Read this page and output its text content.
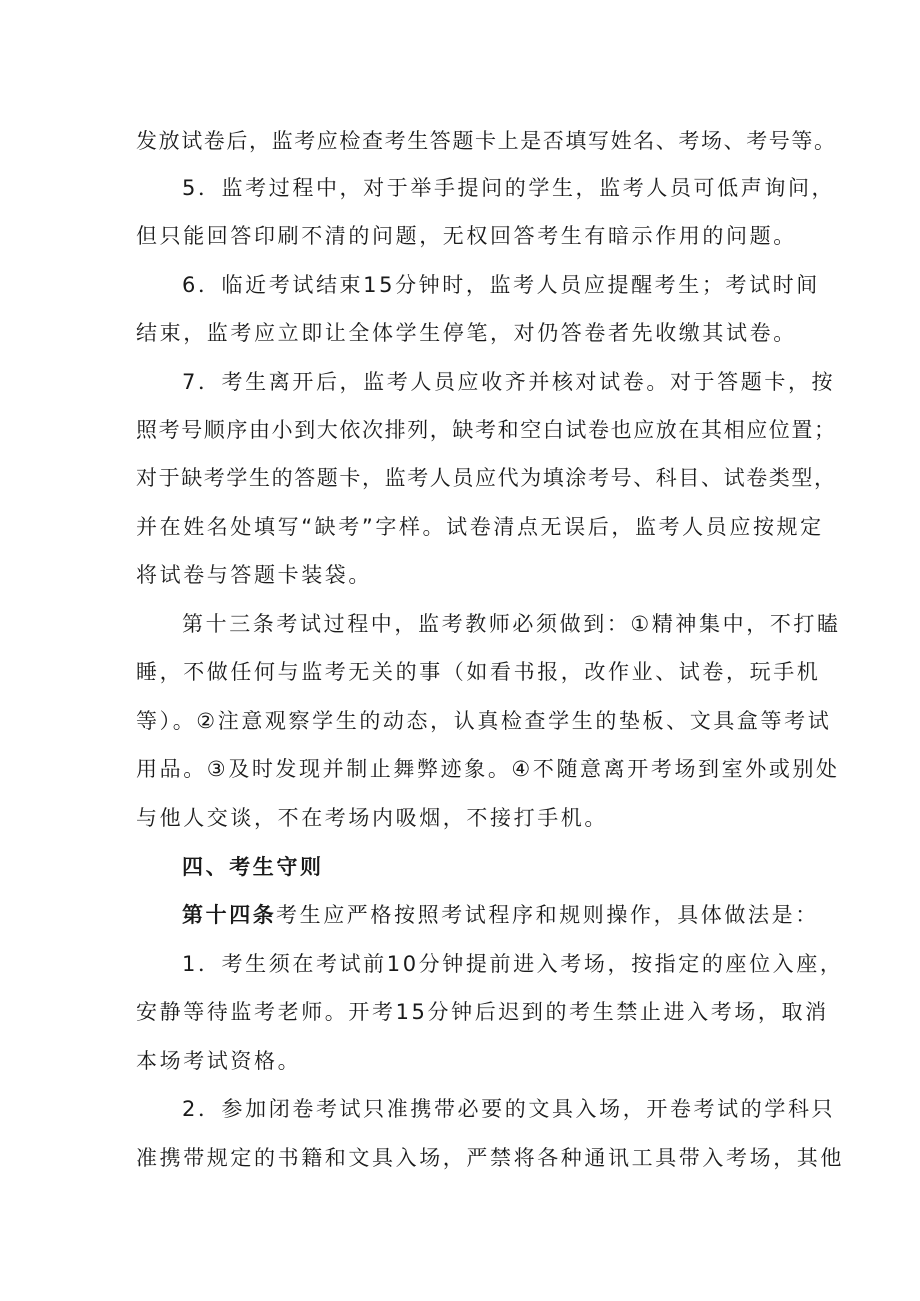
发放试卷后，监考应检查考生答题卡上是否填写姓名、考场、考号等。
5．监考过程中，对于举手提问的学生，监考人员可低声询问，
但只能回答印刷不清的问题，无权回答考生有暗示作用的问题。
6．临近考试结束15分钟时，监考人员应提醒考生；考试时间
结束，监考应立即让全体学生停笔，对仍答卷者先收缴其试卷。
7．考生离开后，监考人员应收齐并核对试卷。对于答题卡，按
照考号顺序由小到大依次排列，缺考和空白试卷也应放在其相应位置；
对于缺考学生的答题卡，监考人员应代为填涂考号、科目、试卷类型，
并在姓名处填写“缺考”字样。试卷清点无误后，监考人员应按规定
将试卷与答题卡装袋。
第十三条考试过程中，监考教师必须做到：①精神集中，不打瞌
睡，不做任何与监考无关的事（如看书报，改作业、试卷，玩手机
等）。②注意观察学生的动态，认真检查学生的垫板、文具盒等考试
用品。③及时发现并制止舞弊迹象。④不随意离开考场到室外或别处
与他人交谈，不在考场内吸烟，不接打手机。
四、考生守则
第十四条 考生应严格按照考试程序和规则操作，具体做法是：
1．考生须在考试前10分钟提前进入考场，按指定的座位入座，
安静等待监考老师。开考15分钟后迟到的考生禁止进入考场，取消
本场考试资格。
2．参加闭卷考试只准携带必要的文具入场，开卷考试的学科只
准携带规定的书籍和文具入场，严禁将各种通讯工具带入考场，其他
